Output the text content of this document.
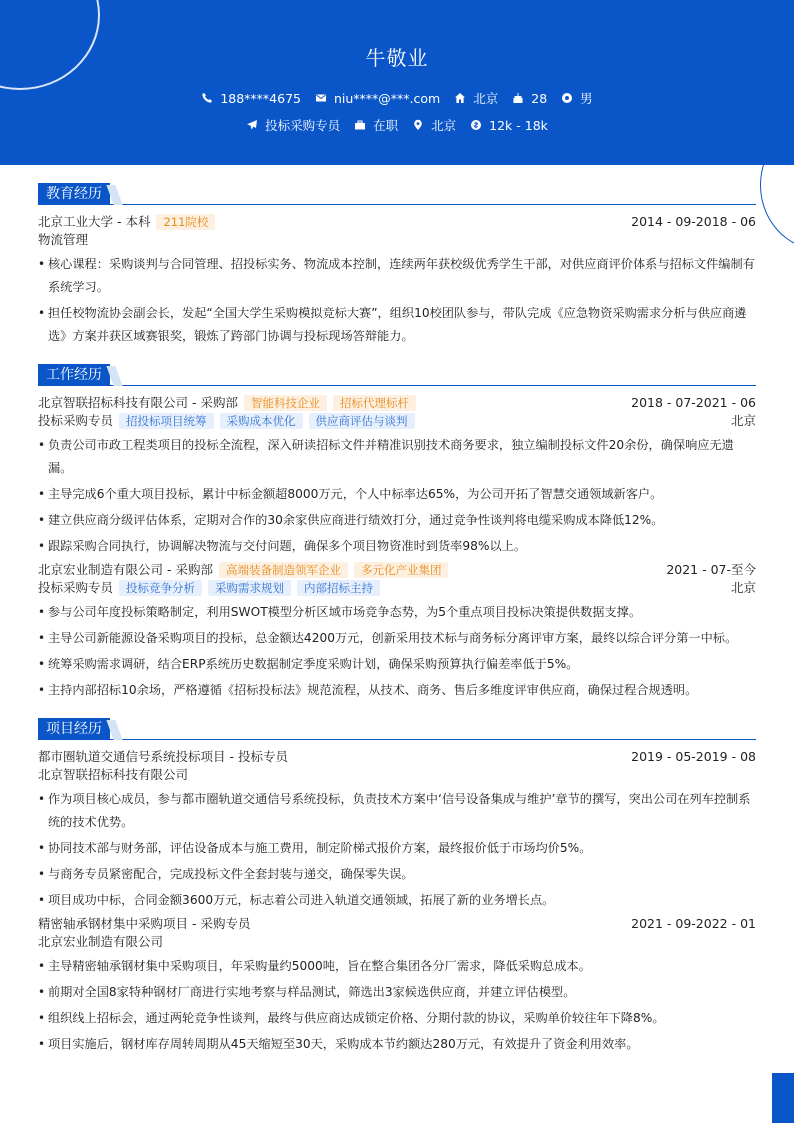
牛敬业
188****4675	niu****@***.com	北京	28	男
投标采购专员	在职	北京	12k - 18k
教育经历
北京工业大学 - 本科	211院校	2014 - 09-2018 - 06
物流管理
• 核心课程：采购谈判与合同管理、招投标实务、物流成本控制，连续两年获校级优秀学生干部，对供应商评价体系与招标文件编制有系统学习。
• 担任校物流协会副会长，发起“全国大学生采购模拟竞标大赛”，组织10校团队参与，带队完成《应急物资采购需求分析与供应商遴选》方案并获区域赛银奖，锻炼了跨部门协调与投标现场答辩能力。
工作经历
北京智联招标科技有限公司 - 采购部	智能科技企业	招标代理标杆	2018 - 07-2021 - 06
投标采购专员	招投标项目统筹	采购成本优化	供应商评估与谈判	北京
• 负责公司市政工程类项目的投标全流程，深入研读招标文件并精准识别技术商务要求，独立编制投标文件20余份，确保响应无遗漏。
• 主导完成6个重大项目投标，累计中标金额超8000万元，个人中标率达65%，为公司开拓了智慧交通领域新客户。
• 建立供应商分级评估体系，定期对合作的30余家供应商进行绩效打分，通过竞争性谈判将电缆采购成本降低12%。
• 跟踪采购合同执行，协调解决物流与交付问题，确保多个项目物资准时到货率98%以上。
北京宏业制造有限公司 - 采购部	高端装备制造领军企业	多元化产业集团	2021 - 07-至今
投标采购专员	投标竞争分析	采购需求规划	内部招标主持	北京
• 参与公司年度投标策略制定，利用SWOT模型分析区域市场竞争态势，为5个重点项目投标决策提供数据支撑。
• 主导公司新能源设备采购项目的投标，总金额达4200万元，创新采用技术标与商务标分离评审方案，最终以综合评分第一中标。
• 统筹采购需求调研，结合ERP系统历史数据制定季度采购计划，确保采购预算执行偏差率低于5%。
• 主持内部招标10余场，严格遵循《招标投标法》规范流程，从技术、商务、售后多维度评审供应商，确保过程合规透明。
项目经历
都市圈轨道交通信号系统投标项目 - 投标专员	2019 - 05-2019 - 08
北京智联招标科技有限公司
• 作为项目核心成员，参与都市圈轨道交通信号系统投标，负责技术方案中‘信号设备集成与维护’章节的撰写，突出公司在列车控制系统的技术优势。
• 协同技术部与财务部，评估设备成本与施工费用，制定阶梯式报价方案，最终报价低于市场均价5%。
• 与商务专员紧密配合，完成投标文件全套封装与递交，确保零失误。
• 项目成功中标，合同金额3600万元，标志着公司进入轨道交通领域，拓展了新的业务增长点。
精密轴承钢材集中采购项目 - 采购专员	2021 - 09-2022 - 01
北京宏业制造有限公司
• 主导精密轴承钢材集中采购项目，年采购量约5000吨，旨在整合集团各分厂需求，降低采购总成本。
• 前期对全国8家特种钢材厂商进行实地考察与样品测试，筛选出3家候选供应商，并建立评估模型。
• 组织线上招标会，通过两轮竞争性谈判，最终与供应商达成锁定价格、分期付款的协议，采购单价较往年下降8%。
• 项目实施后，钢材库存周转周期从45天缩短至30天，采购成本节约额达280万元，有效提升了资金利用效率。
